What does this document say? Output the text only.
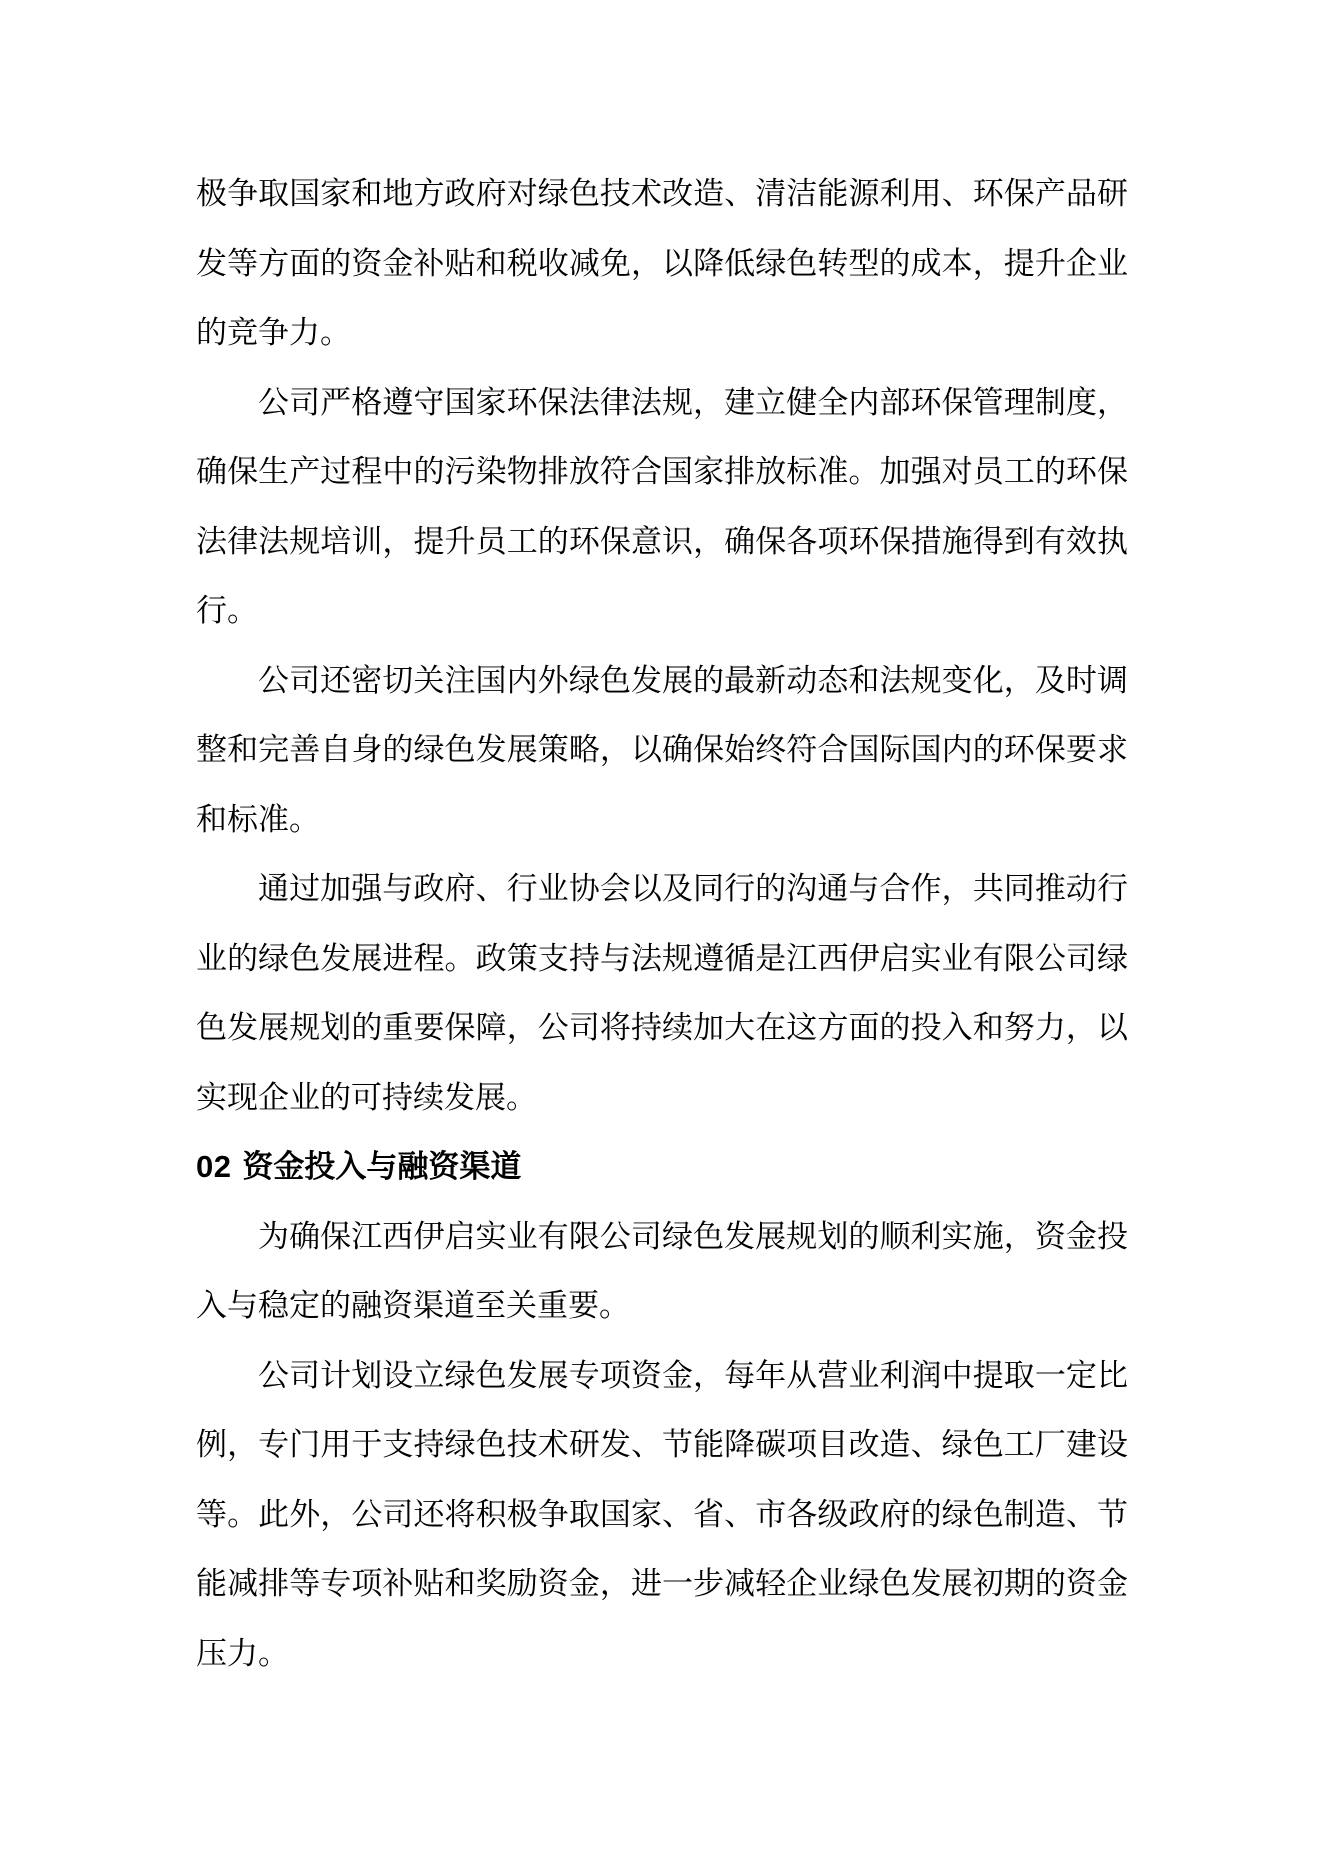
极争取国家和地方政府对绿色技术改造、清洁能源利用、环保产品研发等方面的资金补贴和税收减免，以降低绿色转型的成本，提升企业的竞争力。

公司严格遵守国家环保法律法规，建立健全内部环保管理制度，确保生产过程中的污染物排放符合国家排放标准。加强对员工的环保法律法规培训，提升员工的环保意识，确保各项环保措施得到有效执行。

公司还密切关注国内外绿色发展的最新动态和法规变化，及时调整和完善自身的绿色发展策略，以确保始终符合国际国内的环保要求和标准。

通过加强与政府、行业协会以及同行的沟通与合作，共同推动行业的绿色发展进程。政策支持与法规遵循是江西伊启实业有限公司绿色发展规划的重要保障，公司将持续加大在这方面的投入和努力，以实现企业的可持续发展。

02 资金投入与融资渠道

为确保江西伊启实业有限公司绿色发展规划的顺利实施，资金投入与稳定的融资渠道至关重要。

公司计划设立绿色发展专项资金，每年从营业利润中提取一定比例，专门用于支持绿色技术研发、节能降碳项目改造、绿色工厂建设等。此外，公司还将积极争取国家、省、市各级政府的绿色制造、节能减排等专项补贴和奖励资金，进一步减轻企业绿色发展初期的资金压力。
